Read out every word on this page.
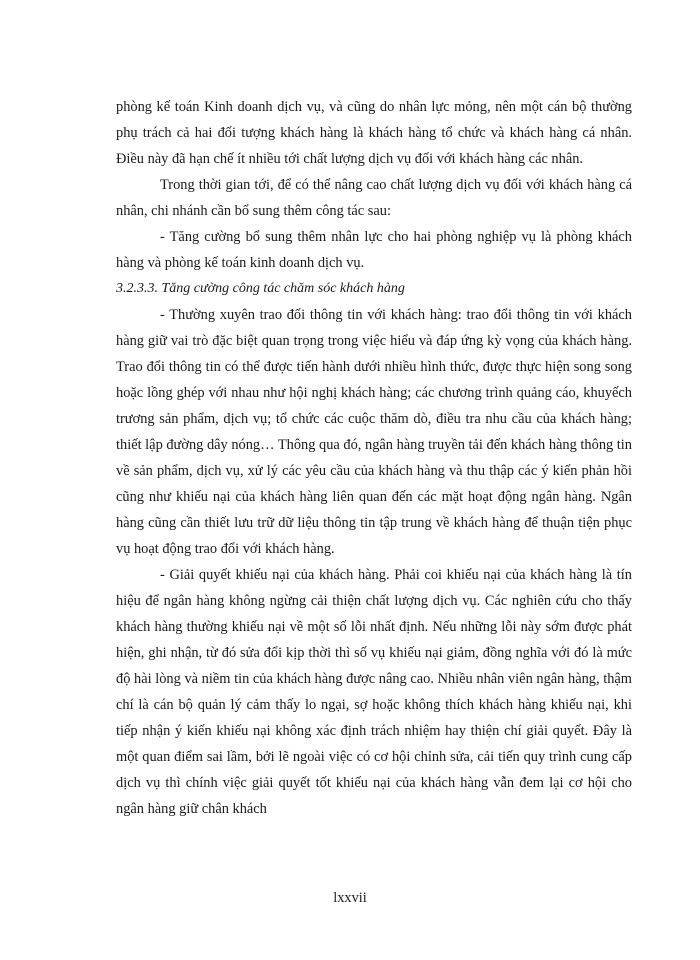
phòng kế toán Kinh doanh dịch vụ, và cũng do nhân lực mỏng, nên một cán bộ thường phụ trách cả hai đối tượng khách hàng là khách hàng tổ chức và khách hàng cá nhân. Điều này đã hạn chế ít nhiều tới chất lượng dịch vụ đối với khách hàng các nhân.

Trong thời gian tới, để có thể nâng cao chất lượng dịch vụ đối với khách hàng cá nhân, chi nhánh cần bổ sung thêm công tác sau:

- Tăng cường bổ sung thêm nhân lực cho hai phòng nghiệp vụ là phòng khách hàng và phòng kế toán kinh doanh dịch vụ.

3.2.3.3. Tăng cường công tác chăm sóc khách hàng

- Thường xuyên trao đổi thông tin với khách hàng: trao đổi thông tin với khách hàng giữ vai trò đặc biệt quan trọng trong việc hiểu và đáp ứng kỳ vọng của khách hàng. Trao đổi thông tin có thể được tiến hành dưới nhiều hình thức, được thực hiện song song hoặc lồng ghép với nhau như hội nghị khách hàng; các chương trình quảng cáo, khuyếch trương sản phẩm, dịch vụ; tổ chức các cuộc thăm dò, điều tra nhu cầu của khách hàng; thiết lập đường dây nóng… Thông qua đó, ngân hàng truyền tải đến khách hàng thông tin về sản phẩm, dịch vụ, xử lý các yêu cầu của khách hàng và thu thập các ý kiến phản hồi cũng như khiếu nại của khách hàng liên quan đến các mặt hoạt động ngân hàng. Ngân hàng cũng cần thiết lưu trữ dữ liệu thông tin tập trung về khách hàng để thuận tiện phục vụ hoạt động trao đổi với khách hàng.

- Giải quyết khiếu nại của khách hàng. Phải coi khiếu nại của khách hàng là tín hiệu để ngân hàng không ngừng cải thiện chất lượng dịch vụ. Các nghiên cứu cho thấy khách hàng thường khiếu nại về một số lỗi nhất định. Nếu những lỗi này sớm được phát hiện, ghi nhận, từ đó sửa đổi kịp thời thì số vụ khiếu nại giảm, đồng nghĩa với đó là mức độ hài lòng và niềm tin của khách hàng được nâng cao. Nhiều nhân viên ngân hàng, thậm chí là cán bộ quản lý cảm thấy lo ngại, sợ hoặc không thích khách hàng khiếu nại, khi tiếp nhận ý kiến khiếu nại không xác định trách nhiệm hay thiện chí giải quyết. Đây là một quan điểm sai lầm, bởi lẽ ngoài việc có cơ hội chỉnh sửa, cải tiến quy trình cung cấp dịch vụ thì chính việc giải quyết tốt khiếu nại của khách hàng vẫn đem lại cơ hội cho ngân hàng giữ chân khách

lxxvii
